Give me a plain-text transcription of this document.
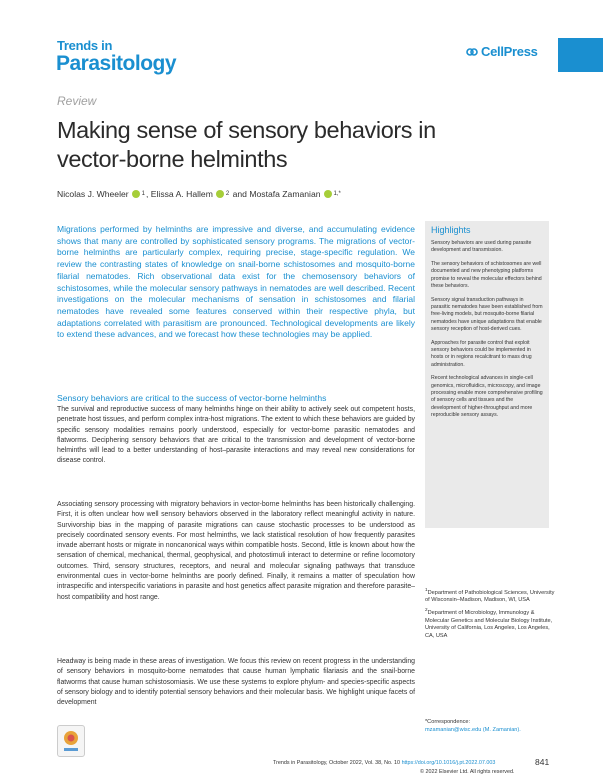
Trends in
Parasitology
CellPress
Review
Making sense of sensory behaviors in vector-borne helminths
Nicolas J. Wheeler 1 , Elissa A. Hallem 2 and Mostafa Zamanian 1,*

Migrations performed by helminths are impressive and diverse, and accumulating evidence shows that many are controlled by sophisticated sensory programs. The migrations of vector-borne helminths are particularly complex, requiring precise, stage-specific regulation. We review the contrasting states of knowledge on snail-borne schistosomes and mosquito-borne filarial nematodes. Rich observational data exist for the chemosensory behaviors of schistosomes, while the molecular sensory pathways in nematodes are well described. Recent investigations on the molecular mechanisms of sensation in schistosomes and filarial nematodes have revealed some features conserved within their respective phyla, but adaptations correlated with parasitism are pronounced. Technological developments are likely to extend these advances, and we forecast how these technologies may be applied.

Highlights

Sensory behaviors are used during parasite development and transmission.

The sensory behaviors of schistosomes are well documented and new phenotyping platforms promise to reveal the molecular effectors behind these behaviors.

Sensory signal transduction pathways in parasitic nematodes have been established from free-living models, but mosquito-borne filarial nematodes have unique adaptations that enable sensory reception of host-derived cues.

Approaches for parasite control that exploit sensory behaviors could be implemented in hosts or in regions recalcitrant to mass drug administration.

Recent technological advances in single-cell genomics, microfluidics, microscopy, and image processing enable more comprehensive profiling of sensory cells and tissues and the development of higher-throughput and more reproducible sensory assays.

Sensory behaviors are critical to the success of vector-borne helminths

The survival and reproductive success of many helminths hinge on their ability to actively seek out competent hosts, penetrate host tissues, and perform complex intra-host migrations. The extent to which these behaviors are guided by specific sensory modalities remains poorly understood, especially for vector-borne parasitic nematodes and flatworms. Deciphering sensory behaviors that are critical to the transmission and development of vector-borne helminths will lead to a better understanding of host–parasite interactions and may reveal new considerations for disease control.

Associating sensory processing with migratory behaviors in vector-borne helminths has been historically challenging. First, it is often unclear how well sensory behaviors observed in the laboratory reflect meaningful activity in nature. Survivorship bias in the mapping of parasite migrations can cause stochastic processes to be understood as precisely coordinated sensory events. For most helminths, we lack statistical resolution of how frequently parasites invade aberrant hosts or migrate in noncanonical ways within compatible hosts. Second, little is known about how the sensation of chemical, mechanical, thermal, geophysical, and photostimuli interact to determine or refine locomotory outcomes. Third, sensory structures, receptors, and neural and molecular signaling pathways that transduce environmental cues in vector-borne helminths are poorly defined. Finally, it remains a matter of speculation how intraspecific and interspecific variations in parasite and host genetics affect parasite migration and therefore parasite–host compatibility and host range.

Headway is being made in these areas of investigation. We focus this review on recent progress in the understanding of sensory behaviors in mosquito-borne nematodes that cause human lymphatic filariasis and the snail-borne flatworms that cause human schistosomiasis. We use these systems to explore phylum- and species-specific aspects of sensory biology and to identify potential sensory behaviors and their molecular basis. We highlight unique facets of development

$^1$Department of Pathobiological Sciences, University of Wisconsin–Madison, Madison, WI, USA
$^2$Department of Microbiology, Immunology & Molecular Genetics and Molecular Biology Institute, University of California, Los Angeles, Los Angeles, CA, USA
*Correspondence:
mzamanian@wisc.edu (M. Zamanian).
Trends in Parasitology, October 2022, Vol. 38, No. 10 https://doi.org/10.1016/j.pt.2022.07.003
© 2022 Elsevier Ltd. All rights reserved.
841
